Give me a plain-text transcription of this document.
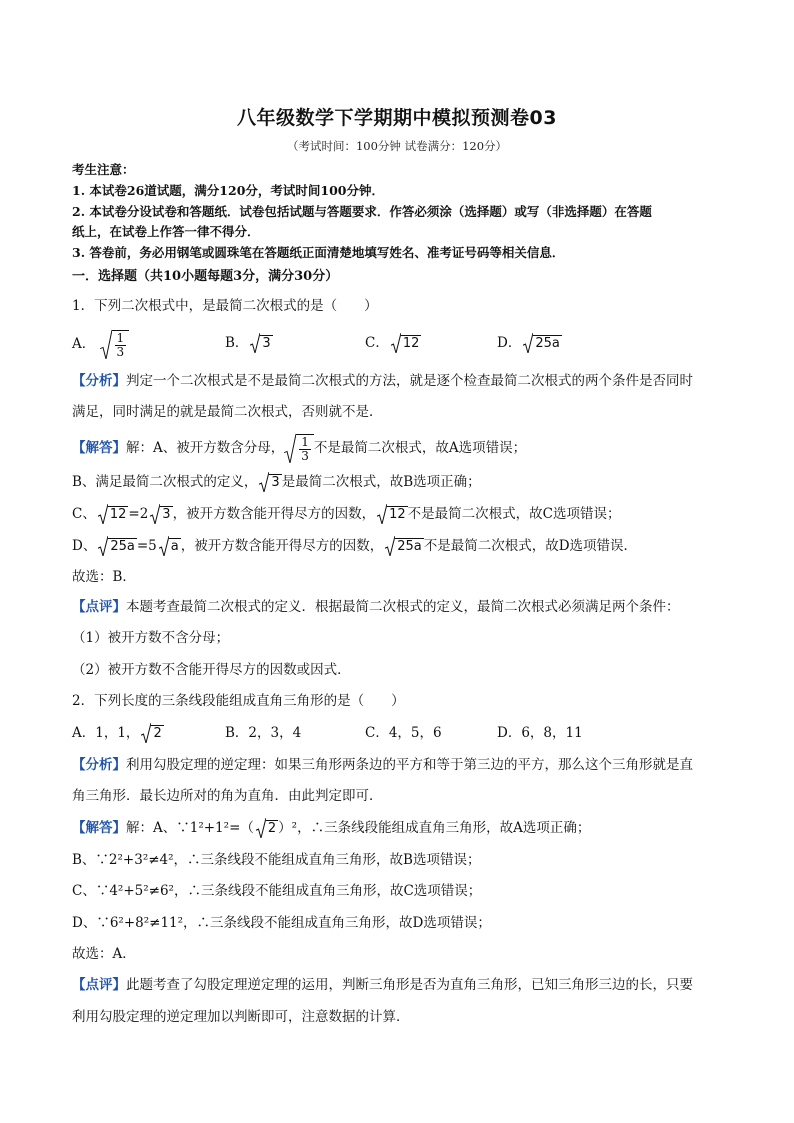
八年级数学下学期期中模拟预测卷03
（考试时间：100分钟 试卷满分：120分）
考生注意：
1. 本试卷26道试题，满分120分，考试时间100分钟．
2. 本试卷分设试卷和答题纸．试卷包括试题与答题要求．作答必须涂（选择题）或写（非选择题）在答题
纸上，在试卷上作答一律不得分．
3. 答卷前，务必用钢笔或圆珠笔在答题纸正面清楚地填写姓名、准考证号码等相关信息．
一．选择题（共10小题每题3分，满分30分）
1．下列二次根式中，是最简二次根式的是（　　）
A． $\frac{1}{3}$	B． 3	C． 12	D． 25a
【分析】判定一个二次根式是不是最简二次根式的方法，就是逐个检查最简二次根式的两个条件是否同时
满足，同时满足的就是最简二次根式，否则就不是．
【解答】解：A、被开方数含分母， $\frac{1}{3}$ 不是最简二次根式，故A选项错误；
B、满足最简二次根式的定义， 3 是最简二次根式，故B选项正确；
C、 12 =2 3 ，被开方数含能开得尽方的因数， 12 不是最简二次根式，故C选项错误；
D、 25a =5 a ，被开方数含能开得尽方的因数， 25a 不是最简二次根式，故D选项错误．
故选：B．
【点评】本题考查最简二次根式的定义．根据最简二次根式的定义，最简二次根式必须满足两个条件：
（1）被开方数不含分母；
（2）被开方数不含能开得尽方的因数或因式．
2．下列长度的三条线段能组成直角三角形的是（　　）
A．1，1， 2	B．2，3，4	C．4，5，6	D．6，8，11
【分析】利用勾股定理的逆定理：如果三角形两条边的平方和等于第三边的平方，那么这个三角形就是直
角三角形．最长边所对的角为直角．由此判定即可．
【解答】解：A、∵1²+1²=（ 2 ）²，∴三条线段能组成直角三角形，故A选项正确；
B、∵2²+3²≠4²，∴三条线段不能组成直角三角形，故B选项错误；
C、∵4²+5²≠6²，∴三条线段不能组成直角三角形，故C选项错误；
D、∵6²+8²≠11²，∴三条线段不能组成直角三角形，故D选项错误；
故选：A．
【点评】此题考查了勾股定理逆定理的运用，判断三角形是否为直角三角形，已知三角形三边的长，只要
利用勾股定理的逆定理加以判断即可，注意数据的计算．
